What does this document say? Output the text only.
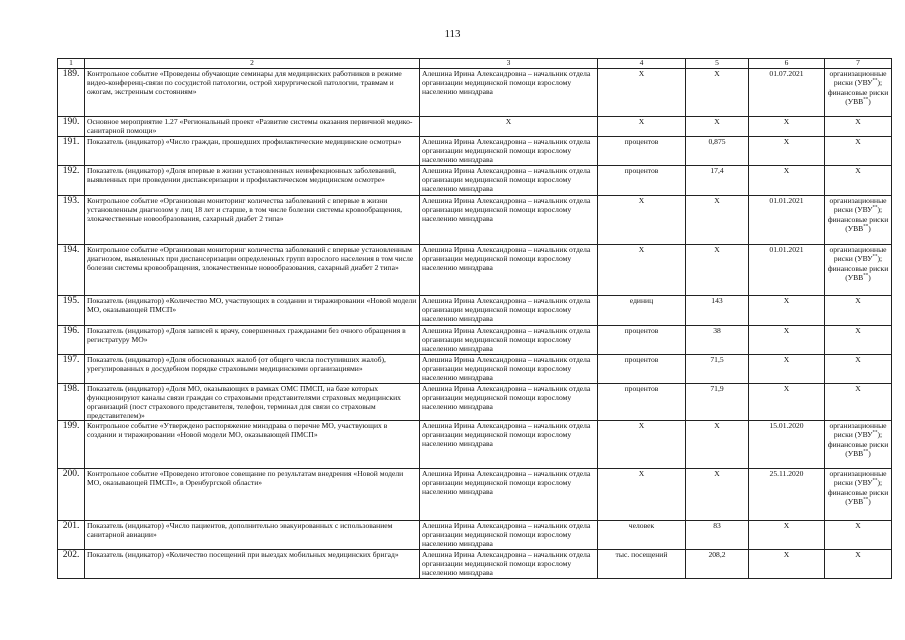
113
1	2	3	4	5	6	7
189.	Контрольное событие «Проведены обучающие семинары для медицинских работников в режиме видео-конференц-связи по сосудистой патологии, острой хирургической патологии, травмам и ожогам, экстренным состояниям»	Алешина Ирина Александровна – начальник отдела организации медицинской помощи взрослому населению минздрава	Х	Х	01.07.2021	организационные риски (УВУ**); финансовые риски (УВВ**)
190.	Основное мероприятие 1.27 «Региональный проект «Развитие системы оказания первичной медико-санитарной помощи»	Х	Х	Х	Х	Х
191.	Показатель (индикатор) «Число граждан, прошедших профилактические медицинские осмотры»	Алешина Ирина Александровна – начальник отдела организации медицинской помощи взрослому населению минздрава	процентов	0,875	Х	Х
192.	Показатель (индикатор) «Доля впервые в жизни установленных неинфекционных заболеваний, выявленных при проведении диспансеризации и профилактическом медицинском осмотре»	Алешина Ирина Александровна – начальник отдела организации медицинской помощи взрослому населению минздрава	процентов	17,4	Х	Х
193.	Контрольное событие «Организован мониторинг количества заболеваний с впервые в жизни установленным диагнозом у лиц 18 лет и старше, в том числе болезни системы кровообращения, злокачественные новообразования, сахарный диабет 2 типа»	Алешина Ирина Александровна – начальник отдела организации медицинской помощи взрослому населению минздрава	Х	Х	01.01.2021	организационные риски (УВУ**); финансовые риски (УВВ**)
194.	Контрольное событие «Организован мониторинг количества заболеваний с впервые установленным диагнозом, выявленных при диспансеризации определенных групп взрослого населения в том числе болезни системы кровообращения, злокачественные новообразования, сахарный диабет 2 типа»	Алешина Ирина Александровна – начальник отдела организации медицинской помощи взрослому населению минздрава	Х	Х	01.01.2021	организационные риски (УВУ**); финансовые риски (УВВ**)
195.	Показатель (индикатор) «Количество МО, участвующих в создании и тиражировании «Новой модели МО, оказывающей ПМСП»	Алешина Ирина Александровна – начальник отдела организации медицинской помощи взрослому населению минздрава	единиц	143	Х	Х
196.	Показатель (индикатор) «Доля записей к врачу, совершенных гражданами без очного обращения в регистратуру МО»	Алешина Ирина Александровна – начальник отдела организации медицинской помощи взрослому населению минздрава	процентов	38	Х	Х
197.	Показатель (индикатор) «Доля обоснованных жалоб (от общего числа поступивших жалоб), урегулированных в досудебном порядке страховыми медицинскими организациями»	Алешина Ирина Александровна – начальник отдела организации медицинской помощи взрослому населению минздрава	процентов	71,5	Х	Х
198.	Показатель (индикатор) «Доля МО, оказывающих в рамках ОМС ПМСП, на базе которых функционируют каналы связи граждан со страховыми представителями страховых медицинских организаций (пост страхового представителя, телефон, терминал для связи со страховым представителем)»	Алешина Ирина Александровна – начальник отдела организации медицинской помощи взрослому населению минздрава	процентов	71,9	Х	Х
199.	Контрольное событие «Утверждено распоряжение минздрава о перечне МО, участвующих в создании и тиражировании «Новой модели МО, оказывающей ПМСП»	Алешина Ирина Александровна – начальник отдела организации медицинской помощи взрослому населению минздрава	Х	Х	15.01.2020	организационные риски (УВУ**); финансовые риски (УВВ**)
200.	Контрольное событие «Проведено итоговое совещание по результатам внедрения «Новой модели МО, оказывающей ПМСП», в Оренбургской области»	Алешина Ирина Александровна – начальник отдела организации медицинской помощи взрослому населению минздрава	Х	Х	25.11.2020	организационные риски (УВУ**); финансовые риски (УВВ**)
201.	Показатель (индикатор) «Число пациентов, дополнительно эвакуированных с использованием санитарной авиации»	Алешина Ирина Александровна – начальник отдела организации медицинской помощи взрослому населению минздрава	человек	83	Х	Х
202.	Показатель (индикатор) «Количество посещений при выездах мобильных медицинских бригад»	Алешина Ирина Александровна – начальник отдела организации медицинской помощи взрослому населению минздрава	тыс. посещений	208,2	Х	Х
